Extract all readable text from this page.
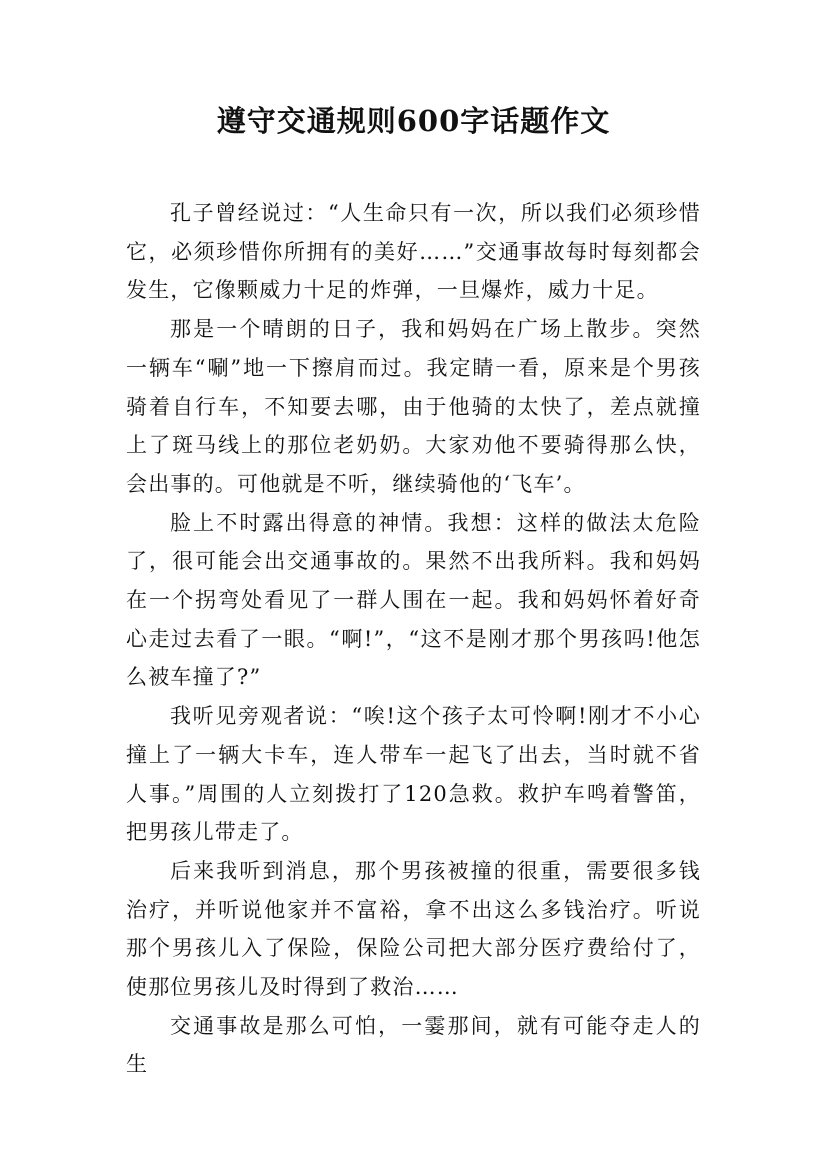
遵守交通规则600字话题作文

孔子曾经说过：“人生命只有一次，所以我们必须珍惜它，必须珍惜你所拥有的美好……”交通事故每时每刻都会发生，它像颗威力十足的炸弹，一旦爆炸，威力十足。

那是一个晴朗的日子，我和妈妈在广场上散步。突然一辆车“唰”地一下擦肩而过。我定睛一看，原来是个男孩骑着自行车，不知要去哪，由于他骑的太快了，差点就撞上了斑马线上的那位老奶奶。大家劝他不要骑得那么快，会出事的。可他就是不听，继续骑他的‘飞车’。

脸上不时露出得意的神情。我想：这样的做法太危险了，很可能会出交通事故的。果然不出我所料。我和妈妈在一个拐弯处看见了一群人围在一起。我和妈妈怀着好奇心走过去看了一眼。“啊!”，“这不是刚才那个男孩吗!他怎么被车撞了?”

我听见旁观者说：“唉!这个孩子太可怜啊!刚才不小心撞上了一辆大卡车，连人带车一起飞了出去，当时就不省人事。”周围的人立刻拨打了120急救。救护车鸣着警笛，把男孩儿带走了。

后来我听到消息，那个男孩被撞的很重，需要很多钱治疗，并听说他家并不富裕，拿不出这么多钱治疗。听说那个男孩儿入了保险，保险公司把大部分医疗费给付了，使那位男孩儿及时得到了救治……

交通事故是那么可怕，一霎那间，就有可能夺走人的生
